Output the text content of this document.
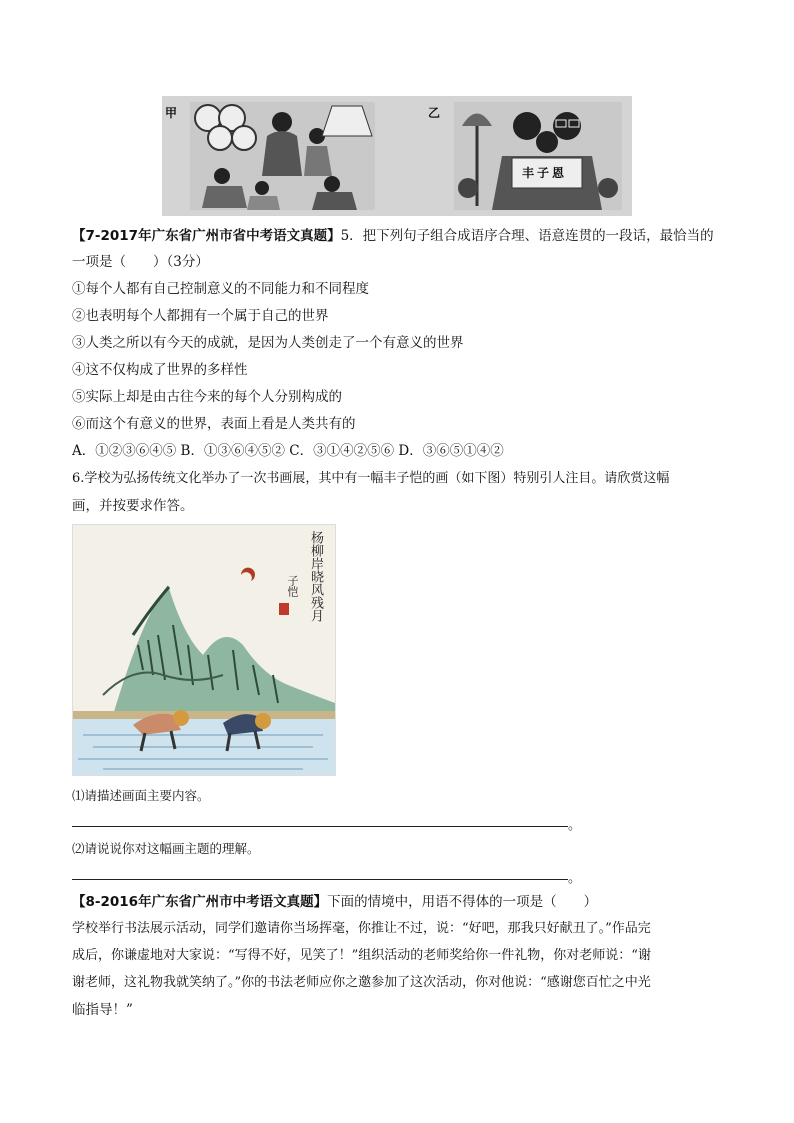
甲	乙
丰子恩
【7-2017年广东省广州市省中考语文真题】5．把下列句子组合成语序合理、语意连贯的一段话，最恰当的
一项是（　　）（3分）
①每个人都有自己控制意义的不同能力和不同程度
②也表明每个人都拥有一个属于自己的世界
③人类之所以有今天的成就，是因为人类创走了一个有意义的世界
④这不仅构成了世界的多样性
⑤实际上却是由古往今来的每个人分别构成的
⑥而这个有意义的世界，表面上看是人类共有的
A．①②③⑥④⑤ B．①③⑥④⑤② C．③①④②⑤⑥ D．③⑥⑤①④②
6.学校为弘扬传统文化举办了一次书画展，其中有一幅丰子恺的画（如下图）特别引人注目。请欣赏这幅
画，并按要求作答。
杨柳岸晓风残月
子恺
⑴请描述画面主要内容。
。
⑵请说说你对这幅画主题的理解。
。
【8-2016年广东省广州市中考语文真题】下面的情境中，用语不得体的一项是（　　）
学校举行书法展示活动，同学们邀请你当场挥毫，你推让不过，说：“好吧，那我只好献丑了。”作品完
成后，你谦虚地对大家说：“写得不好，见笑了！”组织活动的老师奖给你一件礼物，你对老师说：“谢
谢老师，这礼物我就笑纳了。”你的书法老师应你之邀参加了这次活动，你对他说：“感谢您百忙之中光
临指导！”
